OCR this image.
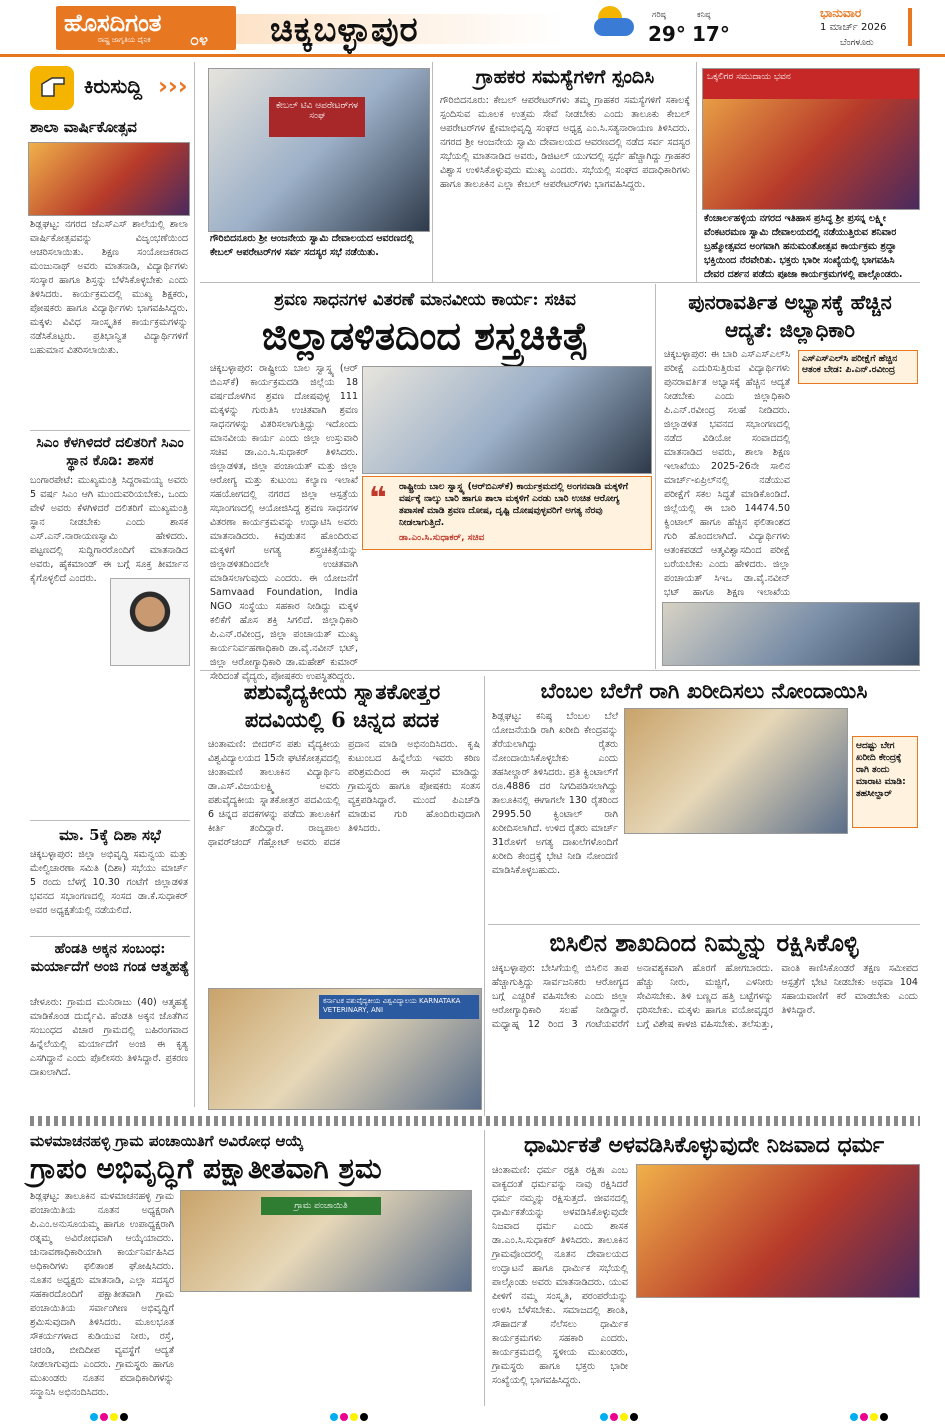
ಹೊಸದಿಗಂತ
ರಾಷ್ಟ್ರ ಜಾಗೃತಿಯ ದೈನಿಕ ೦೪ ಚಿಕ್ಕಬಳ್ಳಾಪುರ	ಗರಿಷ್ಠ
29°
ಕನಿಷ್ಠ
17°
ಭಾನುವಾರ
1 ಮಾರ್ಚ್ 2026
ಬೆಂಗಳೂರು
ಕಿರುಸುದ್ದಿ ›››
ಶಾಲಾ ವಾರ್ಷಿಕೋತ್ಸವ
ಶಿಡ್ಲಘಟ್ಟ: ನಗರದ ಜೆಎಸ್‌ಎಸ್ ಶಾಲೆಯಲ್ಲಿ ಶಾಲಾ ವಾರ್ಷಿಕೋತ್ಸವವನ್ನು ವಿಜೃಂಭಣೆಯಿಂದ ಆಚರಿಸಲಾಯಿತು. ಶಿಕ್ಷಣ ಸಂಯೋಜಕರಾದ ಮಂಜುನಾಥ್ ಅವರು ಮಾತನಾಡಿ, ವಿದ್ಯಾರ್ಥಿಗಳು ಸಂಸ್ಕಾರ ಹಾಗೂ ಶಿಸ್ತನ್ನು ಬೆಳೆಸಿಕೊಳ್ಳಬೇಕು ಎಂದು ತಿಳಿಸಿದರು. ಕಾರ್ಯಕ್ರಮದಲ್ಲಿ ಮುಖ್ಯ ಶಿಕ್ಷಕರು, ಪೋಷಕರು ಹಾಗೂ ವಿದ್ಯಾರ್ಥಿಗಳು ಭಾಗವಹಿಸಿದ್ದರು. ಮಕ್ಕಳು ವಿವಿಧ ಸಾಂಸ್ಕೃತಿಕ ಕಾರ್ಯಕ್ರಮಗಳನ್ನು ನಡೆಸಿಕೊಟ್ಟರು. ಪ್ರತಿಭಾನ್ವಿತ ವಿದ್ಯಾರ್ಥಿಗಳಿಗೆ ಬಹುಮಾನ ವಿತರಿಸಲಾಯಿತು.
ಸಿಎಂ ಕೆಳಗಿಳಿದರೆ ದಲಿತರಿಗೆ ಸಿಎಂ ಸ್ಥಾನ ಕೊಡಿ: ಶಾಸಕ
ಬಂಗಾರಪೇಟೆ: ಮುಖ್ಯಮಂತ್ರಿ ಸಿದ್ದರಾಮಯ್ಯ ಅವರು 5 ವರ್ಷ ಸಿಎಂ ಆಗಿ ಮುಂದುವರಿಯಬೇಕು, ಒಂದು ವೇಳೆ ಅವರು ಕೆಳಗಿಳಿದರೆ ದಲಿತರಿಗೆ ಮುಖ್ಯಮಂತ್ರಿ ಸ್ಥಾನ ನೀಡಬೇಕು ಎಂದು ಶಾಸಕ ಎಸ್.ಎನ್.ನಾರಾಯಣಸ್ವಾಮಿ ಹೇಳಿದರು. ಪಟ್ಟಣದಲ್ಲಿ ಸುದ್ದಿಗಾರರೊಂದಿಗೆ ಮಾತನಾಡಿದ ಅವರು, ಹೈಕಮಾಂಡ್ ಈ ಬಗ್ಗೆ ಸೂಕ್ತ ತೀರ್ಮಾನ ಕೈಗೊಳ್ಳಲಿದೆ ಎಂದರು.
ಮಾ. 5ಕ್ಕೆ ದಿಶಾ ಸಭೆ
ಚಿಕ್ಕಬಳ್ಳಾಪುರ: ಜಿಲ್ಲಾ ಅಭಿವೃದ್ಧಿ ಸಮನ್ವಯ ಮತ್ತು ಮೇಲ್ವಿಚಾರಣಾ ಸಮಿತಿ (ದಿಶಾ) ಸಭೆಯು ಮಾರ್ಚ್ 5 ರಂದು ಬೆಳಗ್ಗೆ 10.30 ಗಂಟೆಗೆ ಜಿಲ್ಲಾಡಳಿತ ಭವನದ ಸಭಾಂಗಣದಲ್ಲಿ ಸಂಸದ ಡಾ.ಕೆ.ಸುಧಾಕರ್ ಅವರ ಅಧ್ಯಕ್ಷತೆಯಲ್ಲಿ ನಡೆಯಲಿದೆ.
ಹೆಂಡತಿ ಅಕ್ಕನ ಸಂಬಂಧ: ಮರ್ಯಾದೆಗೆ ಅಂಜಿ ಗಂಡ ಆತ್ಮಹತ್ಯೆ
ಚೇಳೂರು: ಗ್ರಾಮದ ಮುನಿರಾಜು (40) ಆತ್ಮಹತ್ಯೆ ಮಾಡಿಕೊಂಡ ದುರ್ದೈವಿ. ಹೆಂಡತಿ ಅಕ್ಕನ ಜೊತೆಗಿನ ಸಂಬಂಧದ ವಿಚಾರ ಗ್ರಾಮದಲ್ಲಿ ಬಹಿರಂಗವಾದ ಹಿನ್ನೆಲೆಯಲ್ಲಿ ಮರ್ಯಾದೆಗೆ ಅಂಜಿ ಈ ಕೃತ್ಯ ಎಸಗಿದ್ದಾನೆ ಎಂದು ಪೊಲೀಸರು ತಿಳಿಸಿದ್ದಾರೆ. ಪ್ರಕರಣ ದಾಖಲಾಗಿದೆ.
ಕೇಬಲ್ ಟಿವಿ ಆಪರೇಟರ್‌ಗಳ ಸಂಘ
ಗೌರಿಬಿದನೂರು ಶ್ರೀ ಆಂಜನೇಯ ಸ್ವಾಮಿ ದೇವಾಲಯದ ಆವರಣದಲ್ಲಿ ಕೇಬಲ್ ಆಪರೇಟರ್‌ಗಳ ಸರ್ವ ಸದಸ್ಯರ ಸಭೆ ನಡೆಯಿತು.
ಗ್ರಾಹಕರ ಸಮಸ್ಯೆಗಳಿಗೆ ಸ್ಪಂದಿಸಿ
ಗೌರಿಬಿದನೂರು: ಕೇಬಲ್ ಆಪರೇಟರ್‌ಗಳು ತಮ್ಮ ಗ್ರಾಹಕರ ಸಮಸ್ಯೆಗಳಿಗೆ ಸಕಾಲಕ್ಕೆ ಸ್ಪಂದಿಸುವ ಮೂಲಕ ಉತ್ತಮ ಸೇವೆ ನೀಡಬೇಕು ಎಂದು ತಾಲೂಕು ಕೇಬಲ್ ಆಪರೇಟರ್‌ಗಳ ಕ್ಷೇಮಾಭಿವೃದ್ಧಿ ಸಂಘದ ಅಧ್ಯಕ್ಷ ಎಂ.ಸಿ.ಸತ್ಯನಾರಾಯಣ ತಿಳಿಸಿದರು. ನಗರದ ಶ್ರೀ ಆಂಜನೇಯ ಸ್ವಾಮಿ ದೇವಾಲಯದ ಆವರಣದಲ್ಲಿ ನಡೆದ ಸರ್ವ ಸದಸ್ಯರ ಸಭೆಯಲ್ಲಿ ಮಾತನಾಡಿದ ಅವರು, ಡಿಜಿಟಲ್ ಯುಗದಲ್ಲಿ ಸ್ಪರ್ಧೆ ಹೆಚ್ಚಾಗಿದ್ದು ಗ್ರಾಹಕರ ವಿಶ್ವಾಸ ಉಳಿಸಿಕೊಳ್ಳುವುದು ಮುಖ್ಯ ಎಂದರು. ಸಭೆಯಲ್ಲಿ ಸಂಘದ ಪದಾಧಿಕಾರಿಗಳು ಹಾಗೂ ತಾಲೂಕಿನ ಎಲ್ಲಾ ಕೇಬಲ್ ಆಪರೇಟರ್‌ಗಳು ಭಾಗವಹಿಸಿದ್ದರು.
ಒಕ್ಕಲಿಗರ ಸಮುದಾಯ ಭವನ
ಕೆಂಚಾರ್ಲಹಳ್ಳಿಯ ನಗರದ ಇತಿಹಾಸ ಪ್ರಸಿದ್ಧ ಶ್ರೀ ಪ್ರಸನ್ನ ಲಕ್ಷ್ಮೀ ವೆಂಕಟರಮಣ ಸ್ವಾಮಿ ದೇವಾಲಯದಲ್ಲಿ ನಡೆಯುತ್ತಿರುವ ಶನಿವಾರ ಬ್ರಹ್ಮೋತ್ಸವದ ಅಂಗವಾಗಿ ಹನುಮಂತೋತ್ಸವ ಕಾರ್ಯಕ್ರಮ ಶ್ರದ್ಧಾ ಭಕ್ತಿಯಿಂದ ನೆರವೇರಿತು. ಭಕ್ತರು ಭಾರೀ ಸಂಖ್ಯೆಯಲ್ಲಿ ಭಾಗವಹಿಸಿ ದೇವರ ದರ್ಶನ ಪಡೆದು ಪೂಜಾ ಕಾರ್ಯಕ್ರಮಗಳಲ್ಲಿ ಪಾಲ್ಗೊಂಡರು.
ಶ್ರವಣ ಸಾಧನಗಳ ವಿತರಣೆ ಮಾನವೀಯ ಕಾರ್ಯ: ಸಚಿವ
ಜಿಲ್ಲಾಡಳಿತದಿಂದ ಶಸ್ತ್ರಚಿಕಿತ್ಸೆ
ಚಿಕ್ಕಬಳ್ಳಾಪುರ: ರಾಷ್ಟ್ರೀಯ ಬಾಲ ಸ್ವಾಸ್ಥ್ಯ (ಆರ್ ಬಿಎಸ್‌ಕೆ) ಕಾರ್ಯಕ್ರಮದಡಿ ಜಿಲ್ಲೆಯ 18 ವರ್ಷದೊಳಗಿನ ಶ್ರವಣ ದೋಷವುಳ್ಳ 111 ಮಕ್ಕಳನ್ನು ಗುರುತಿಸಿ ಉಚಿತವಾಗಿ ಶ್ರವಣ ಸಾಧನಗಳನ್ನು ವಿತರಿಸಲಾಗುತ್ತಿದ್ದು ಇದೊಂದು ಮಾನವೀಯ ಕಾರ್ಯ ಎಂದು ಜಿಲ್ಲಾ ಉಸ್ತುವಾರಿ ಸಚಿವ ಡಾ.ಎಂ.ಸಿ.ಸುಧಾಕರ್ ತಿಳಿಸಿದರು. ಜಿಲ್ಲಾಡಳಿತ, ಜಿಲ್ಲಾ ಪಂಚಾಯತ್ ಮತ್ತು ಜಿಲ್ಲಾ ಆರೋಗ್ಯ ಮತ್ತು ಕುಟುಂಬ ಕಲ್ಯಾಣ ಇಲಾಖೆ ಸಹಯೋಗದಲ್ಲಿ ನಗರದ ಜಿಲ್ಲಾ ಆಸ್ಪತ್ರೆಯ ಸಭಾಂಗಣದಲ್ಲಿ ಆಯೋಜಿಸಿದ್ದ ಶ್ರವಣ ಸಾಧನಗಳ ವಿತರಣಾ ಕಾರ್ಯಕ್ರಮವನ್ನು ಉದ್ಘಾಟಿಸಿ ಅವರು ಮಾತನಾಡಿದರು. ಕಿವುಡುತನ ಹೊಂದಿರುವ ಮಕ್ಕಳಿಗೆ ಅಗತ್ಯ ಶಸ್ತ್ರಚಿಕಿತ್ಸೆಯನ್ನು ಜಿಲ್ಲಾಡಳಿತದಿಂದಲೇ ಉಚಿತವಾಗಿ ಮಾಡಿಸಲಾಗುವುದು ಎಂದರು. ಈ ಯೋಜನೆಗೆ Samvaad Foundation, India NGO ಸಂಸ್ಥೆಯು ಸಹಕಾರ ನೀಡಿದ್ದು ಮಕ್ಕಳ ಕಲಿಕೆಗೆ ಹೊಸ ಶಕ್ತಿ ಸಿಗಲಿದೆ. ಜಿಲ್ಲಾಧಿಕಾರಿ ಪಿ.ಎನ್.ರವೀಂದ್ರ, ಜಿಲ್ಲಾ ಪಂಚಾಯತ್ ಮುಖ್ಯ ಕಾರ್ಯನಿರ್ವಹಣಾಧಿಕಾರಿ ಡಾ.ವೈ.ನವೀನ್ ಭಟ್, ಜಿಲ್ಲಾ ಆರೋಗ್ಯಾಧಿಕಾರಿ ಡಾ.ಮಹೇಶ್ ಕುಮಾರ್ ಸೇರಿದಂತೆ ವೈದ್ಯರು, ಪೋಷಕರು ಉಪಸ್ಥಿತರಿದ್ದರು.
❝ ರಾಷ್ಟ್ರೀಯ ಬಾಲ ಸ್ವಾಸ್ಥ್ಯ (ಆರ್‌ಬಿಎಸ್‌ಕೆ) ಕಾರ್ಯಕ್ರಮದಲ್ಲಿ ಅಂಗನವಾಡಿ ಮಕ್ಕಳಿಗೆ ವರ್ಷಕ್ಕೆ ನಾಲ್ಕು ಬಾರಿ ಹಾಗೂ ಶಾಲಾ ಮಕ್ಕಳಿಗೆ ಎರಡು ಬಾರಿ ಉಚಿತ ಆರೋಗ್ಯ ತಪಾಸಣೆ ಮಾಡಿ ಶ್ರವಣ ದೋಷ, ದೃಷ್ಟಿ ದೋಷವುಳ್ಳವರಿಗೆ ಅಗತ್ಯ ನೆರವು ನೀಡಲಾಗುತ್ತಿದೆ.
ಡಾ.ಎಂ.ಸಿ.ಸುಧಾಕರ್, ಸಚಿವ
ಪುನರಾವರ್ತಿತ ಅಭ್ಯಾಸಕ್ಕೆ ಹೆಚ್ಚಿನ ಆದ್ಯತೆ: ಜಿಲ್ಲಾಧಿಕಾರಿ
ಚಿಕ್ಕಬಳ್ಳಾಪುರ: ಈ ಬಾರಿ ಎಸ್‌ಎಸ್‌ಎಲ್‌ಸಿ ಪರೀಕ್ಷೆ ಎದುರಿಸುತ್ತಿರುವ ವಿದ್ಯಾರ್ಥಿಗಳು ಪುನರಾವರ್ತಿತ ಅಭ್ಯಾಸಕ್ಕೆ ಹೆಚ್ಚಿನ ಆದ್ಯತೆ ನೀಡಬೇಕು ಎಂದು ಜಿಲ್ಲಾಧಿಕಾರಿ ಪಿ.ಎನ್.ರವೀಂದ್ರ ಸಲಹೆ ನೀಡಿದರು. ಜಿಲ್ಲಾಡಳಿತ ಭವನದ ಸಭಾಂಗಣದಲ್ಲಿ ನಡೆದ ವಿಡಿಯೋ ಸಂವಾದದಲ್ಲಿ ಮಾತನಾಡಿದ ಅವರು, ಶಾಲಾ ಶಿಕ್ಷಣ ಇಲಾಖೆಯು 2025-26ನೇ ಸಾಲಿನ ಮಾರ್ಚ್-ಏಪ್ರಿಲ್‌ನಲ್ಲಿ ನಡೆಯುವ ಪರೀಕ್ಷೆಗೆ ಸಕಲ ಸಿದ್ಧತೆ ಮಾಡಿಕೊಂಡಿದೆ. ಜಿಲ್ಲೆಯಲ್ಲಿ ಈ ಬಾರಿ 14474.50 ಕ್ವಿಂಟಾಲ್ ಹಾಗೂ ಹೆಚ್ಚಿನ ಫಲಿತಾಂಶದ ಗುರಿ ಹೊಂದಲಾಗಿದೆ. ವಿದ್ಯಾರ್ಥಿಗಳು ಆತಂಕಪಡದೆ ಆತ್ಮವಿಶ್ವಾಸದಿಂದ ಪರೀಕ್ಷೆ ಬರೆಯಬೇಕು ಎಂದು ಹೇಳಿದರು. ಜಿಲ್ಲಾ ಪಂಚಾಯತ್ ಸಿಇಒ ಡಾ.ವೈ.ನವೀನ್ ಭಟ್ ಹಾಗೂ ಶಿಕ್ಷಣ ಇಲಾಖೆಯ
ಎಸ್ಎಸ್ಎಲ್‌ಸಿ ಪರೀಕ್ಷೆಗೆ ಹೆಚ್ಚಿನ ಆತಂಕ ಬೇಡ: ಪಿ.ಎನ್.ರವೀಂದ್ರ
ಪಶುವೈದ್ಯಕೀಯ ಸ್ನಾತಕೋತ್ತರ ಪದವಿಯಲ್ಲಿ 6 ಚಿನ್ನದ ಪದಕ
ಚಿಂತಾಮಣಿ: ಬೀದರ್‌ನ ಪಶು ವೈದ್ಯಕೀಯ ವಿಶ್ವವಿದ್ಯಾಲಯದ 15ನೇ ಘಟಿಕೋತ್ಸವದಲ್ಲಿ ಚಿಂತಾಮಣಿ ತಾಲೂಕಿನ ವಿದ್ಯಾರ್ಥಿನಿ ಡಾ.ಎಸ್.ವಿಜಯಲಕ್ಷ್ಮಿ ಅವರು ಪಶುವೈದ್ಯಕೀಯ ಸ್ನಾತಕೋತ್ತರ ಪದವಿಯಲ್ಲಿ 6 ಚಿನ್ನದ ಪದಕಗಳನ್ನು ಪಡೆದು ತಾಲೂಕಿಗೆ ಕೀರ್ತಿ ತಂದಿದ್ದಾರೆ. ರಾಜ್ಯಪಾಲ ಥಾವರ್‌ಚಂದ್ ಗೆಹ್ಲೋಟ್ ಅವರು ಪದಕ ಪ್ರದಾನ ಮಾಡಿ ಅಭಿನಂದಿಸಿದರು. ಕೃಷಿ ಕುಟುಂಬದ ಹಿನ್ನೆಲೆಯ ಇವರು ಕಠಿಣ ಪರಿಶ್ರಮದಿಂದ ಈ ಸಾಧನೆ ಮಾಡಿದ್ದು ಗ್ರಾಮಸ್ಥರು ಹಾಗೂ ಪೋಷಕರು ಸಂತಸ ವ್ಯಕ್ತಪಡಿಸಿದ್ದಾರೆ. ಮುಂದೆ ಪಿಎಚ್‌ಡಿ ಮಾಡುವ ಗುರಿ ಹೊಂದಿರುವುದಾಗಿ ತಿಳಿಸಿದರು.
ಕರ್ನಾಟಕ ಪಶುವೈದ್ಯಕೀಯ ವಿಶ್ವವಿದ್ಯಾಲಯ KARNATAKA VETERINARY, ANI
ಬೆಂಬಲ ಬೆಲೆಗೆ ರಾಗಿ ಖರೀದಿಸಲು ನೋಂದಾಯಿಸಿ
ಶಿಡ್ಲಘಟ್ಟ: ಕನಿಷ್ಠ ಬೆಂಬಲ ಬೆಲೆ ಯೋಜನೆಯಡಿ ರಾಗಿ ಖರೀದಿ ಕೇಂದ್ರವನ್ನು ತೆರೆಯಲಾಗಿದ್ದು ರೈತರು ನೋಂದಾಯಿಸಿಕೊಳ್ಳಬೇಕು ಎಂದು ತಹಸೀಲ್ದಾರ್ ತಿಳಿಸಿದರು. ಪ್ರತಿ ಕ್ವಿಂಟಾಲ್‌ಗೆ ರೂ.4886 ದರ ನಿಗದಿಪಡಿಸಲಾಗಿದ್ದು ತಾಲೂಕಿನಲ್ಲಿ ಈಗಾಗಲೇ 130 ರೈತರಿಂದ 2995.50 ಕ್ವಿಂಟಾಲ್ ರಾಗಿ ಖರೀದಿಸಲಾಗಿದೆ. ಉಳಿದ ರೈತರು ಮಾರ್ಚ್ 31ರೊಳಗೆ ಅಗತ್ಯ ದಾಖಲೆಗಳೊಂದಿಗೆ ಖರೀದಿ ಕೇಂದ್ರಕ್ಕೆ ಭೇಟಿ ನೀಡಿ ನೋಂದಣಿ ಮಾಡಿಸಿಕೊಳ್ಳಬಹುದು.
ಆದಷ್ಟು ಬೇಗ ಖರೀದಿ ಕೇಂದ್ರಕ್ಕೆ ರಾಗಿ ತಂದು ಮಾರಾಟ ಮಾಡಿ: ತಹಸೀಲ್ದಾರ್
ಬಿಸಿಲಿನ ಶಾಖದಿಂದ ನಿಮ್ಮನ್ನು ರಕ್ಷಿಸಿಕೊಳ್ಳಿ
ಚಿಕ್ಕಬಳ್ಳಾಪುರ: ಬೇಸಿಗೆಯಲ್ಲಿ ಬಿಸಿಲಿನ ತಾಪ ಹೆಚ್ಚಾಗುತ್ತಿದ್ದು ಸಾರ್ವಜನಿಕರು ಆರೋಗ್ಯದ ಬಗ್ಗೆ ಎಚ್ಚರಿಕೆ ವಹಿಸಬೇಕು ಎಂದು ಜಿಲ್ಲಾ ಆರೋಗ್ಯಾಧಿಕಾರಿ ಸಲಹೆ ನೀಡಿದ್ದಾರೆ. ಮಧ್ಯಾಹ್ನ 12 ರಿಂದ 3 ಗಂಟೆಯವರೆಗೆ ಅನಾವಶ್ಯಕವಾಗಿ ಹೊರಗೆ ಹೋಗಬಾರದು. ಹೆಚ್ಚು ನೀರು, ಮಜ್ಜಿಗೆ, ಎಳನೀರು ಸೇವಿಸಬೇಕು. ತಿಳಿ ಬಣ್ಣದ ಹತ್ತಿ ಬಟ್ಟೆಗಳನ್ನು ಧರಿಸಬೇಕು. ಮಕ್ಕಳು ಹಾಗೂ ವಯೋವೃದ್ಧರ ಬಗ್ಗೆ ವಿಶೇಷ ಕಾಳಜಿ ವಹಿಸಬೇಕು. ತಲೆಸುತ್ತು, ವಾಂತಿ ಕಾಣಿಸಿಕೊಂಡರೆ ತಕ್ಷಣ ಸಮೀಪದ ಆಸ್ಪತ್ರೆಗೆ ಭೇಟಿ ನೀಡಬೇಕು ಅಥವಾ 104 ಸಹಾಯವಾಣಿಗೆ ಕರೆ ಮಾಡಬೇಕು ಎಂದು ತಿಳಿಸಿದ್ದಾರೆ.
ಮಳಮಾಚನಹಳ್ಳಿ ಗ್ರಾಮ ಪಂಚಾಯಿತಿಗೆ ಅವಿರೋಧ ಆಯ್ಕೆ
ಗ್ರಾಪಂ ಅಭಿವೃದ್ಧಿಗೆ ಪಕ್ಷಾತೀತವಾಗಿ ಶ್ರಮ
ಶಿಡ್ಲಘಟ್ಟ: ತಾಲೂಕಿನ ಮಳಮಾಚನಹಳ್ಳಿ ಗ್ರಾಮ ಪಂಚಾಯಿತಿಯ ನೂತನ ಅಧ್ಯಕ್ಷರಾಗಿ ಪಿ.ಎಂ.ಅನುಸೂಯಮ್ಮ ಹಾಗೂ ಉಪಾಧ್ಯಕ್ಷರಾಗಿ ರತ್ನಮ್ಮ ಅವಿರೋಧವಾಗಿ ಆಯ್ಕೆಯಾದರು. ಚುನಾವಣಾಧಿಕಾರಿಯಾಗಿ ಕಾರ್ಯನಿರ್ವಹಿಸಿದ ಅಧಿಕಾರಿಗಳು ಫಲಿತಾಂಶ ಘೋಷಿಸಿದರು. ನೂತನ ಅಧ್ಯಕ್ಷರು ಮಾತನಾಡಿ, ಎಲ್ಲಾ ಸದಸ್ಯರ ಸಹಕಾರದೊಂದಿಗೆ ಪಕ್ಷಾತೀತವಾಗಿ ಗ್ರಾಮ ಪಂಚಾಯಿತಿಯ ಸರ್ವಾಂಗೀಣ ಅಭಿವೃದ್ಧಿಗೆ ಶ್ರಮಿಸುವುದಾಗಿ ತಿಳಿಸಿದರು. ಮೂಲಭೂತ ಸೌಕರ್ಯಗಳಾದ ಕುಡಿಯುವ ನೀರು, ರಸ್ತೆ, ಚರಂಡಿ, ಬೀದಿದೀಪ ವ್ಯವಸ್ಥೆಗೆ ಆದ್ಯತೆ ನೀಡಲಾಗುವುದು ಎಂದರು. ಗ್ರಾಮಸ್ಥರು ಹಾಗೂ ಮುಖಂಡರು ನೂತನ ಪದಾಧಿಕಾರಿಗಳನ್ನು ಸನ್ಮಾನಿಸಿ ಅಭಿನಂದಿಸಿದರು.
ಗ್ರಾಮ ಪಂಚಾಯಿತಿ
ಧಾರ್ಮಿಕತೆ ಅಳವಡಿಸಿಕೊಳ್ಳುವುದೇ ನಿಜವಾದ ಧರ್ಮ
ಚಿಂತಾಮಣಿ: ಧರ್ಮ ರಕ್ಷತಿ ರಕ್ಷಿತಃ ಎಂಬ ವಾಕ್ಯದಂತೆ ಧರ್ಮವನ್ನು ನಾವು ರಕ್ಷಿಸಿದರೆ ಧರ್ಮ ನಮ್ಮನ್ನು ರಕ್ಷಿಸುತ್ತದೆ. ಜೀವನದಲ್ಲಿ ಧಾರ್ಮಿಕತೆಯನ್ನು ಅಳವಡಿಸಿಕೊಳ್ಳುವುದೇ ನಿಜವಾದ ಧರ್ಮ ಎಂದು ಶಾಸಕ ಡಾ.ಎಂ.ಸಿ.ಸುಧಾಕರ್ ತಿಳಿಸಿದರು. ತಾಲೂಕಿನ ಗ್ರಾಮವೊಂದರಲ್ಲಿ ನೂತನ ದೇವಾಲಯದ ಉದ್ಘಾಟನೆ ಹಾಗೂ ಧಾರ್ಮಿಕ ಸಭೆಯಲ್ಲಿ ಪಾಲ್ಗೊಂಡು ಅವರು ಮಾತನಾಡಿದರು. ಯುವ ಪೀಳಿಗೆ ನಮ್ಮ ಸಂಸ್ಕೃತಿ, ಪರಂಪರೆಯನ್ನು ಉಳಿಸಿ ಬೆಳೆಸಬೇಕು. ಸಮಾಜದಲ್ಲಿ ಶಾಂತಿ, ಸೌಹಾರ್ದತೆ ನೆಲೆಸಲು ಧಾರ್ಮಿಕ ಕಾರ್ಯಕ್ರಮಗಳು ಸಹಕಾರಿ ಎಂದರು. ಕಾರ್ಯಕ್ರಮದಲ್ಲಿ ಸ್ಥಳೀಯ ಮುಖಂಡರು, ಗ್ರಾಮಸ್ಥರು ಹಾಗೂ ಭಕ್ತರು ಭಾರೀ ಸಂಖ್ಯೆಯಲ್ಲಿ ಭಾಗವಹಿಸಿದ್ದರು.
